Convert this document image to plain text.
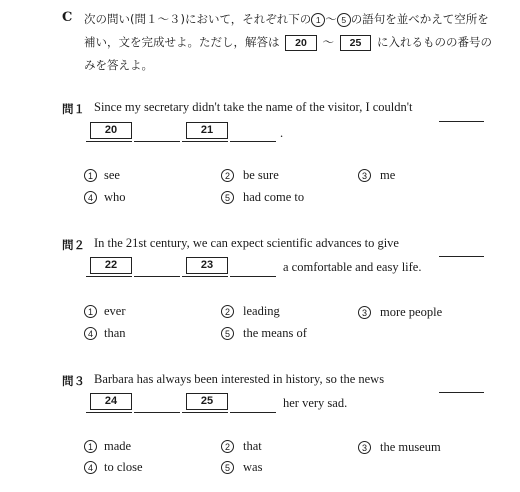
C 次の問い(問１～３)において，それぞれ下の 1 ～ 5 の語句を並べかえて空所を
補い，文を完成せよ。ただし，解答は 20 ～ 25 に入れるものの番号の
みを答えよ。
問１ Since my secretary didn't take the name of the visitor, I couldn't
20	21	.
1 see	2	be sure	3	me
4 who	5	had come to
問２ In the 21st century, we can expect scientific advances to give
22	23	a comfortable and easy life.
1 ever	2	leading	3	more people
4 than	5	the means of
問３ Barbara has always been interested in history, so the news
24	25	her very sad.
1 made	2	that	3	the museum
4 to close	5	was
